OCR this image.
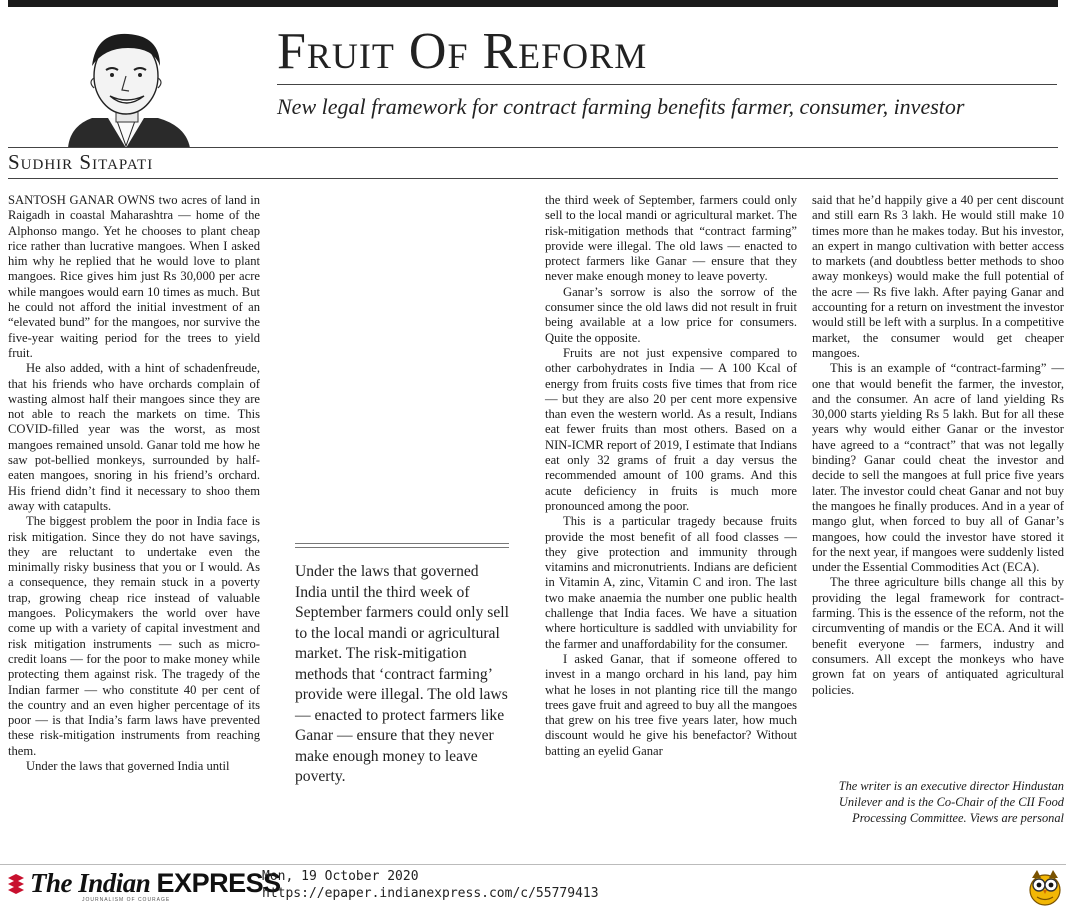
Fruit Of Reform
New legal framework for contract farming benefits farmer, consumer, investor
Sudhir Sitapati

SANTOSH GANAR OWNS two acres of land in Raigadh in coastal Maharashtra — home of the Alphonso mango. Yet he chooses to plant cheap rice rather than lucrative mangoes. When I asked him why he replied that he would love to plant mangoes. Rice gives him just Rs 30,000 per acre while mangoes would earn 10 times as much. But he could not afford the initial investment of an “elevated bund” for the mangoes, nor survive the five-year waiting period for the trees to yield fruit.

He also added, with a hint of schadenfreude, that his friends who have orchards complain of wasting almost half their mangoes since they are not able to reach the markets on time. This COVID-filled year was the worst, as most mangoes remained unsold. Ganar told me how he saw pot-bellied monkeys, surrounded by half-eaten mangoes, snoring in his friend’s orchard. His friend didn’t find it necessary to shoo them away with catapults.

The biggest problem the poor in India face is risk mitigation. Since they do not have savings, they are reluctant to undertake even the minimally risky business that you or I would. As a consequence, they remain stuck in a poverty trap, growing cheap rice instead of valuable mangoes. Policymakers the world over have come up with a variety of capital investment and risk mitigation instruments — such as micro-credit loans — for the poor to make money while protecting them against risk. The tragedy of the Indian farmer — who constitute 40 per cent of the country and an even higher percentage of its poor — is that India’s farm laws have prevented these risk-mitigation instruments from reaching them.

Under the laws that governed India until

the third week of September, farmers could only sell to the local mandi or agricultural market. The risk-mitigation methods that “contract farming” provide were illegal. The old laws — enacted to protect farmers like Ganar — ensure that they never make enough money to leave poverty.

Ganar’s sorrow is also the sorrow of the consumer since the old laws did not result in fruit being available at a low price for consumers. Quite the opposite.

Fruits are not just expensive compared to other carbohydrates in India — A 100 Kcal of energy from fruits costs five times that from rice — but they are also 20 per cent more expensive than even the western world. As a result, Indians eat fewer fruits than most others. Based on a NIN-ICMR report of 2019, I estimate that Indians eat only 32 grams of fruit a day versus the recommended amount of 100 grams. And this acute deficiency in fruits is much more pronounced among the poor.

This is a particular tragedy because fruits provide the most benefit of all food classes — they give protection and immunity through vitamins and micronutrients. Indians are deficient in Vitamin A, zinc, Vitamin C and iron. The last two make anaemia the number one public health challenge that India faces. We have a situation where horticulture is saddled with unviability for the farmer and unaffordability for the consumer.

I asked Ganar, that if someone offered to invest in a mango orchard in his land, pay him what he loses in not planting rice till the mango trees gave fruit and agreed to buy all the mangoes that grew on his tree five years later, how much discount would he give his benefactor? Without batting an eyelid Ganar

said that he’d happily give a 40 per cent discount and still earn Rs 3 lakh. He would still make 10 times more than he makes today. But his investor, an expert in mango cultivation with better access to markets (and doubtless better methods to shoo away monkeys) would make the full potential of the acre — Rs five lakh. After paying Ganar and accounting for a return on investment the investor would still be left with a surplus. In a competitive market, the consumer would get cheaper mangoes.

This is an example of “contract-farming” — one that would benefit the farmer, the investor, and the consumer. An acre of land yielding Rs 30,000 starts yielding Rs 5 lakh. But for all these years why would either Ganar or the investor have agreed to a “contract” that was not legally binding? Ganar could cheat the investor and decide to sell the mangoes at full price five years later. The investor could cheat Ganar and not buy the mangoes he finally produces. And in a year of mango glut, when forced to buy all of Ganar’s mangoes, how could the investor have stored it for the next year, if mangoes were suddenly listed under the Essential Commodities Act (ECA).

The three agriculture bills change all this by providing the legal framework for contract-farming. This is the essence of the reform, not the circumventing of mandis or the ECA. And it will benefit everyone — farmers, industry and consumers. All except the monkeys who have grown fat on years of antiquated agricultural policies.

Under the laws that governed India until the third week of September farmers could only sell to the local mandi or agricultural market. The risk-mitigation methods that ‘contract farming’ provide were illegal. The old laws — enacted to protect farmers like Ganar — ensure that they never make enough money to leave poverty.
The writer is an executive director Hindustan Unilever and is the Co-Chair of the CII Food Processing Committee. Views are personal
The Indian EXPRESS
JOURNALISM OF COURAGE
Mon, 19 October 2020
https://epaper.indianexpress.com/c/55779413
